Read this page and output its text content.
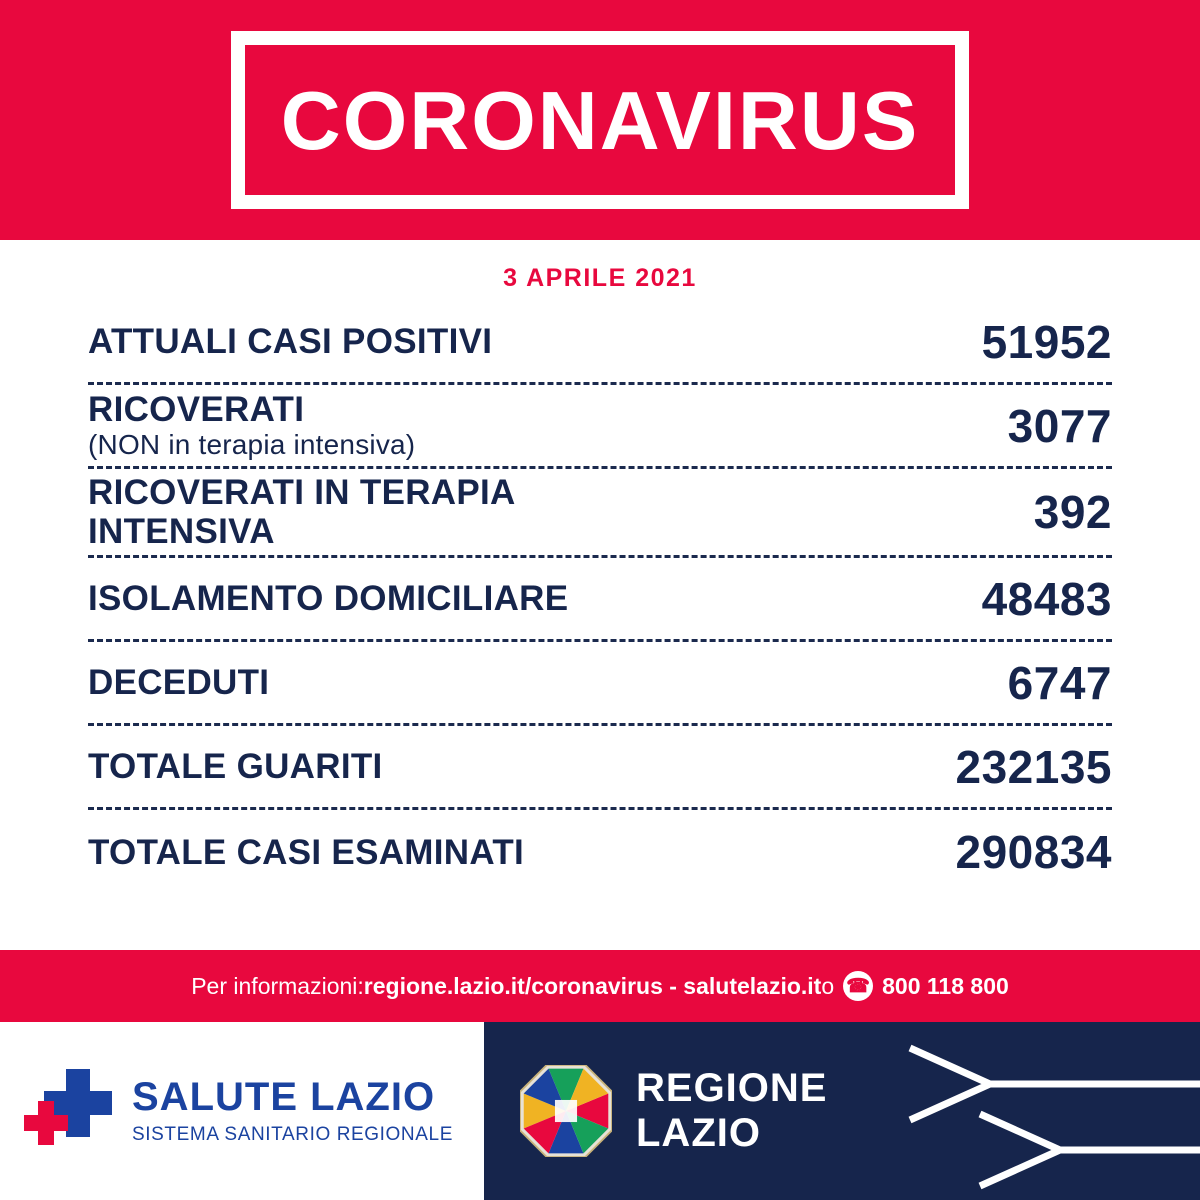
CORONAVIRUS
3 APRILE 2021
ATTUALI CASI POSITIVI	51952
RICOVERATI
(NON in terapia intensiva)	3077
RICOVERATI IN TERAPIA INTENSIVA	392
ISOLAMENTO DOMICILIARE	48483
DECEDUTI	6747
TOTALE GUARITI	232135
TOTALE CASI ESAMINATI	290834
Per informazioni: regione.lazio.it/coronavirus - salutelazio.it o ☎ 800 118 800
SALUTE LAZIO
SISTEMA SANITARIO REGIONALE
REGIONE
LAZIO
